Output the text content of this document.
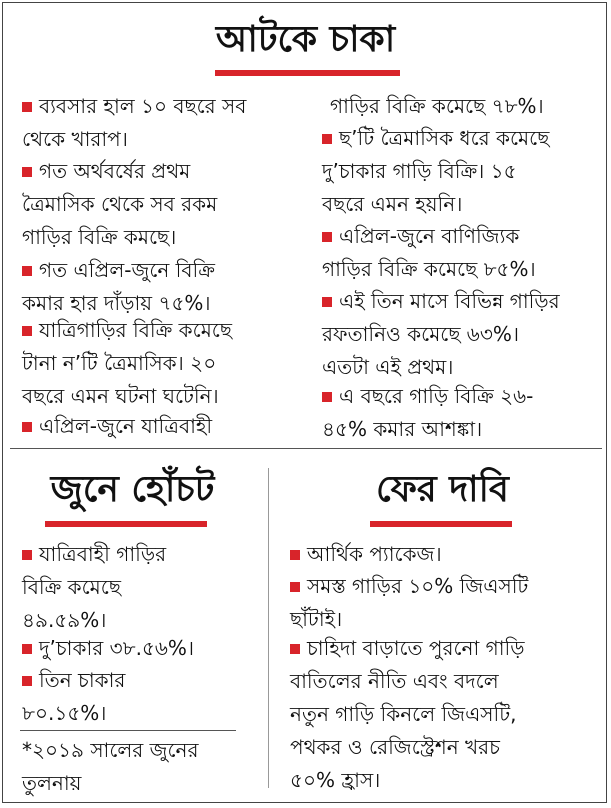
আটকে চাকা
ব্যবসার হাল ১০ বছরে সব
থেকে খারাপ।
গত অর্থবর্ষের প্রথম
ত্রৈমাসিক থেকে সব রকম
গাড়ির বিক্রি কমছে।
গত এপ্রিল-জুনে বিক্রি
কমার হার দাঁড়ায় ৭৫%।
যাত্রিগাড়ির বিক্রি কমেছে
টানা ন’টি ত্রৈমাসিক। ২০
বছরে এমন ঘটনা ঘটেনি।
এপ্রিল-জুনে যাত্রিবাহী
গাড়ির বিক্রি কমেছে ৭৮%।
ছ’টি ত্রৈমাসিক ধরে কমেছে
দু’চাকার গাড়ি বিক্রি। ১৫
বছরে এমন হয়নি।
এপ্রিল-জুনে বাণিজ্যিক
গাড়ির বিক্রি কমেছে ৮৫%।
এই তিন মাসে বিভিন্ন গাড়ির
রফতানিও কমেছে ৬৩%।
এতটা এই প্রথম।
এ বছরে গাড়ি বিক্রি ২৬-
৪৫% কমার আশঙ্কা।
জুনে হোঁচট
যাত্রিবাহী গাড়ির
বিক্রি কমেছে
৪৯.৫৯%।
দু’চাকার ৩৮.৫৬%।
তিন চাকার
৮০.১৫%।
*২০১৯ সালের জুনের
তুলনায়
ফের দাবি
আর্থিক প্যাকেজ।
সমস্ত গাড়ির ১০% জিএসটি
ছাঁটাই।
চাহিদা বাড়াতে পুরনো গাড়ি
বাতিলের নীতি এবং বদলে
নতুন গাড়ি কিনলে জিএসটি,
পথকর ও রেজিস্ট্রেশন খরচ
৫০% হ্রাস।
